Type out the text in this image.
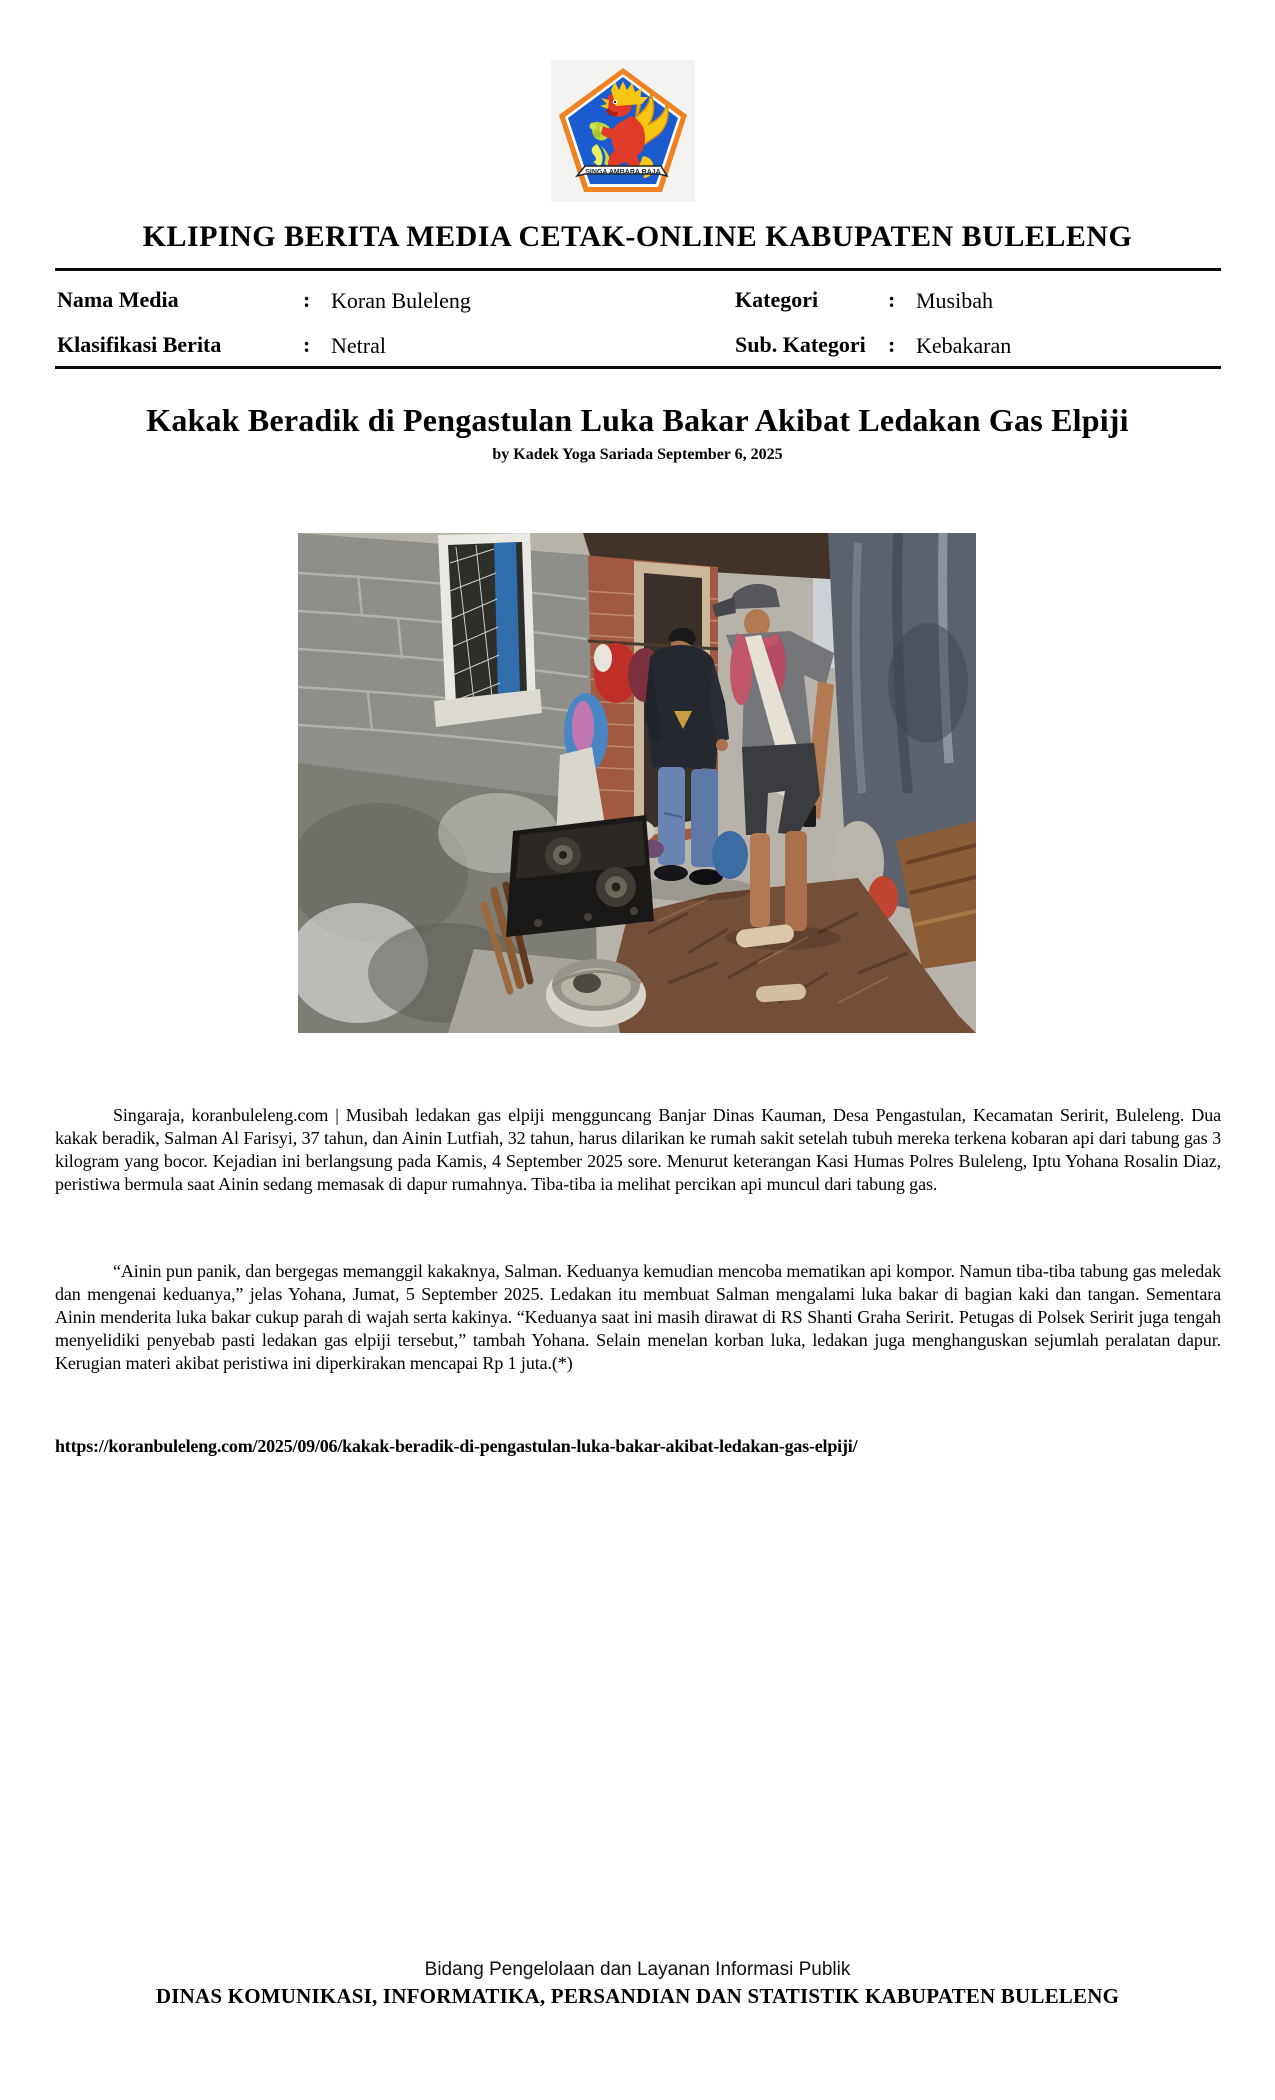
SINGA AMBARA RAJA
KLIPING BERITA MEDIA CETAK-ONLINE KABUPATEN BULELENG
Nama Media	: Koran Buleleng	Kategori	: Musibah
Klasifikasi Berita	: Netral	Sub. Kategori : Kebakaran
Kakak Beradik di Pengastulan Luka Bakar Akibat Ledakan Gas Elpiji
by Kadek Yoga Sariada September 6, 2025

Singaraja, koranbuleleng.com | Musibah ledakan gas elpiji mengguncang Banjar Dinas Kauman, Desa Pengastulan, Kecamatan Seririt, Buleleng. Dua kakak beradik, Salman Al Farisyi, 37 tahun, dan Ainin Lutfiah, 32 tahun, harus dilarikan ke rumah sakit setelah tubuh mereka terkena kobaran api dari tabung gas 3 kilogram yang bocor. Kejadian ini berlangsung pada Kamis, 4 September 2025 sore. Menurut keterangan Kasi Humas Polres Buleleng, Iptu Yohana Rosalin Diaz, peristiwa bermula saat Ainin sedang memasak di dapur rumahnya. Tiba-tiba ia melihat percikan api muncul dari tabung gas.

“Ainin pun panik, dan bergegas memanggil kakaknya, Salman. Keduanya kemudian mencoba mematikan api kompor. Namun tiba-tiba tabung gas meledak dan mengenai keduanya,” jelas Yohana, Jumat, 5 September 2025. Ledakan itu membuat Salman mengalami luka bakar di bagian kaki dan tangan. Sementara Ainin menderita luka bakar cukup parah di wajah serta kakinya. “Keduanya saat ini masih dirawat di RS Shanti Graha Seririt. Petugas di Polsek Seririt juga tengah menyelidiki penyebab pasti ledakan gas elpiji tersebut,” tambah Yohana. Selain menelan korban luka, ledakan juga menghanguskan sejumlah peralatan dapur. Kerugian materi akibat peristiwa ini diperkirakan mencapai Rp 1 juta.(*)

https://koranbuleleng.com/2025/09/06/kakak-beradik-di-pengastulan-luka-bakar-akibat-ledakan-gas-elpiji/
Bidang Pengelolaan dan Layanan Informasi Publik
DINAS KOMUNIKASI, INFORMATIKA, PERSANDIAN DAN STATISTIK KABUPATEN BULELENG
